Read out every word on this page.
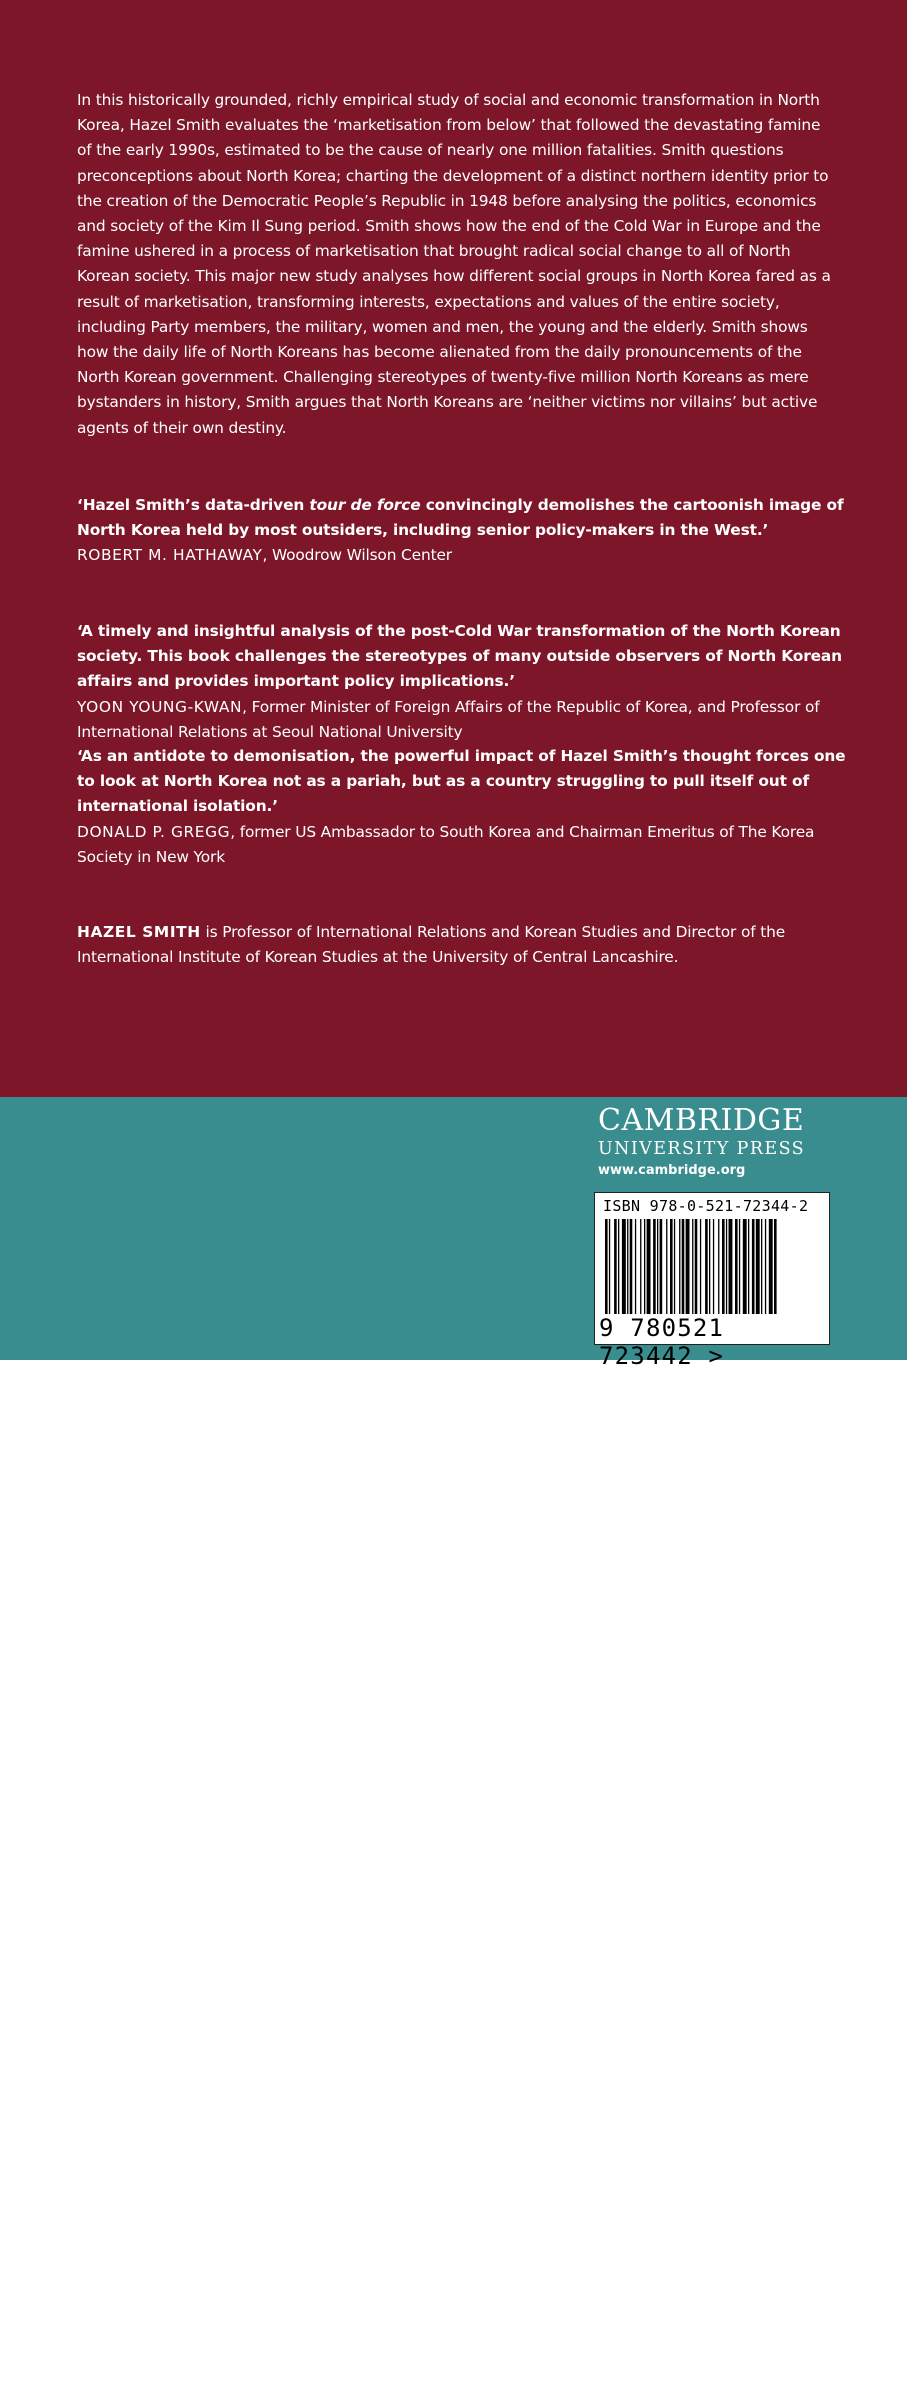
In this historically grounded, richly empirical study of social and economic transformation in North Korea, Hazel Smith evaluates the ‘marketisation from below’ that followed the devastating famine of the early 1990s, estimated to be the cause of nearly one million fatalities. Smith questions preconceptions about North Korea; charting the development of a distinct northern identity prior to the creation of the Democratic People’s Republic in 1948 before analysing the politics, economics and society of the Kim Il Sung period. Smith shows how the end of the Cold War in Europe and the famine ushered in a process of marketisation that brought radical social change to all of North Korean society. This major new study analyses how different social groups in North Korea fared as a result of marketisation, transforming interests, expectations and values of the entire society, including Party members, the military, women and men, the young and the elderly. Smith shows how the daily life of North Koreans has become alienated from the daily pronouncements of the North Korean government. Challenging stereotypes of twenty-five million North Koreans as mere bystanders in history, Smith argues that North Koreans are ‘neither victims nor villains’ but active agents of their own destiny.
‘Hazel Smith’s data-driven tour de force convincingly demolishes the cartoonish image of North Korea held by most outsiders, including senior policy-makers in the West.’
ROBERT M. HATHAWAY, Woodrow Wilson Center
‘A timely and insightful analysis of the post-Cold War transformation of the North Korean society. This book challenges the stereotypes of many outside observers of North Korean affairs and provides important policy implications.’
YOON YOUNG-KWAN, Former Minister of Foreign Affairs of the Republic of Korea, and Professor of International Relations at Seoul National University
‘As an antidote to demonisation, the powerful impact of Hazel Smith’s thought forces one to look at North Korea not as a pariah, but as a country struggling to pull itself out of international isolation.’
DONALD P. GREGG, former US Ambassador to South Korea and Chairman Emeritus of The Korea Society in New York
HAZEL SMITH is Professor of International Relations and Korean Studies and Director of the International Institute of Korean Studies at the University of Central Lancashire.
Cover credit: “Street with birches in Samjiyon”
by Park Hwa Sun. Courtesy of Gallery Pyongyang.
Cover designed by Hart McLeod Ltd
CAMBRIDGE
UNIVERSITY PRESS
www.cambridge.org
ISBN 978-0-521-72344-2
9 780521 723442 >
